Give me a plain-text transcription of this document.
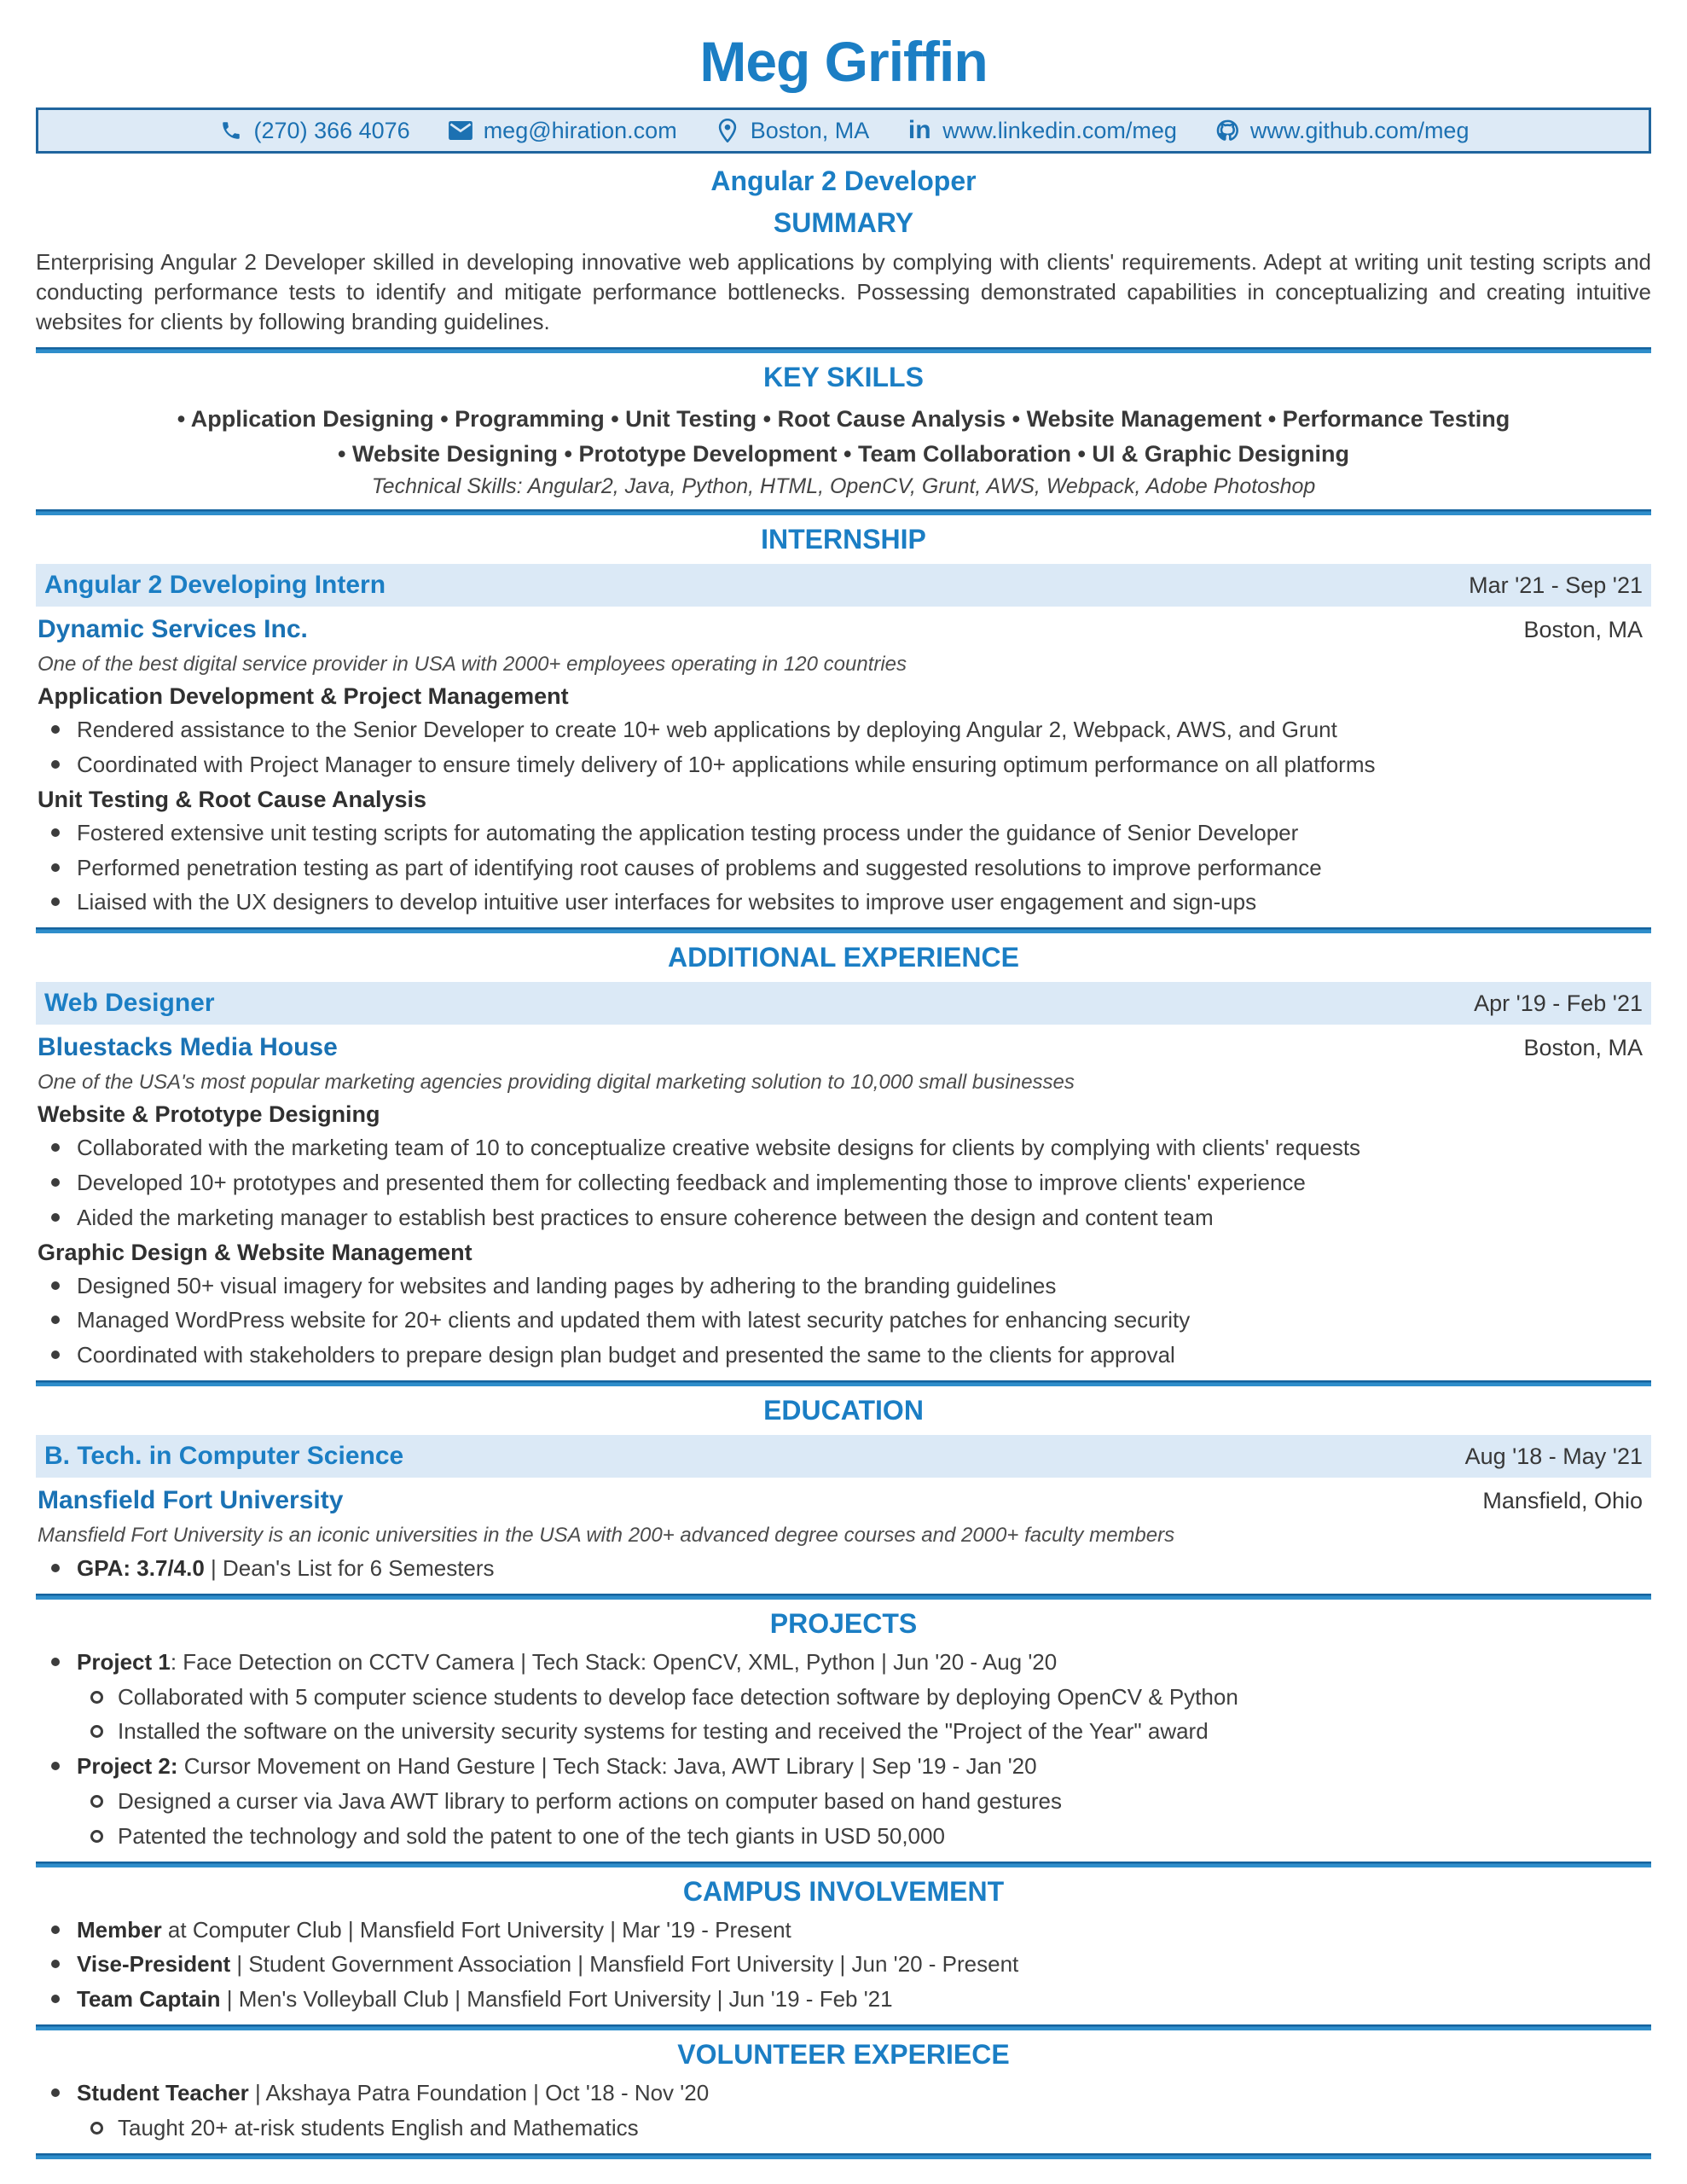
Meg Griffin
(270) 366 4076	meg@hiration.com	Boston, MA in www.linkedin.com/meg	www.github.com/meg
Angular 2 Developer
SUMMARY

Enterprising Angular 2 Developer skilled in developing innovative web applications by complying with clients' requirements. Adept at writing unit testing scripts and conducting performance tests to identify and mitigate performance bottlenecks. Possessing demonstrated capabilities in conceptualizing and creating intuitive websites for clients by following branding guidelines.

KEY SKILLS
• Application Designing • Programming • Unit Testing • Root Cause Analysis • Website Management • Performance Testing
• Website Designing • Prototype Development • Team Collaboration • UI & Graphic Designing
Technical Skills: Angular2, Java, Python, HTML, OpenCV, Grunt, AWS, Webpack, Adobe Photoshop
INTERNSHIP
Angular 2 Developing Intern	Mar '21 - Sep '21
Dynamic Services Inc.	Boston, MA
One of the best digital service provider in USA with 2000+ employees operating in 120 countries
Application Development & Project Management
Rendered assistance to the Senior Developer to create 10+ web applications by deploying Angular 2, Webpack, AWS, and Grunt
Coordinated with Project Manager to ensure timely delivery of 10+ applications while ensuring optimum performance on all platforms
Unit Testing & Root Cause Analysis
Fostered extensive unit testing scripts for automating the application testing process under the guidance of Senior Developer
Performed penetration testing as part of identifying root causes of problems and suggested resolutions to improve performance
Liaised with the UX designers to develop intuitive user interfaces for websites to improve user engagement and sign-ups
ADDITIONAL EXPERIENCE
Web Designer	Apr '19 - Feb '21
Bluestacks Media House	Boston, MA
One of the USA's most popular marketing agencies providing digital marketing solution to 10,000 small businesses
Website & Prototype Designing
Collaborated with the marketing team of 10 to conceptualize creative website designs for clients by complying with clients' requests
Developed 10+ prototypes and presented them for collecting feedback and implementing those to improve clients' experience
Aided the marketing manager to establish best practices to ensure coherence between the design and content team
Graphic Design & Website Management
Designed 50+ visual imagery for websites and landing pages by adhering to the branding guidelines
Managed WordPress website for 20+ clients and updated them with latest security patches for enhancing security
Coordinated with stakeholders to prepare design plan budget and presented the same to the clients for approval
EDUCATION
B. Tech. in Computer Science	Aug '18 - May '21
Mansfield Fort University	Mansfield, Ohio
Mansfield Fort University is an iconic universities in the USA with 200+ advanced degree courses and 2000+ faculty members
GPA: 3.7/4.0 | Dean's List for 6 Semesters
PROJECTS
Project 1: Face Detection on CCTV Camera | Tech Stack: OpenCV, XML, Python | Jun '20 - Aug '20
Collaborated with 5 computer science students to develop face detection software by deploying OpenCV & Python
Installed the software on the university security systems for testing and received the "Project of the Year" award
Project 2: Cursor Movement on Hand Gesture | Tech Stack: Java, AWT Library | Sep '19 - Jan '20
Designed a curser via Java AWT library to perform actions on computer based on hand gestures
Patented the technology and sold the patent to one of the tech giants in USD 50,000
CAMPUS INVOLVEMENT
Member at Computer Club | Mansfield Fort University | Mar '19 - Present
Vise-President | Student Government Association | Mansfield Fort University | Jun '20 - Present
Team Captain | Men's Volleyball Club | Mansfield Fort University | Jun '19 - Feb '21
VOLUNTEER EXPERIECE
Student Teacher | Akshaya Patra Foundation | Oct '18 - Nov '20
Taught 20+ at-risk students English and Mathematics
